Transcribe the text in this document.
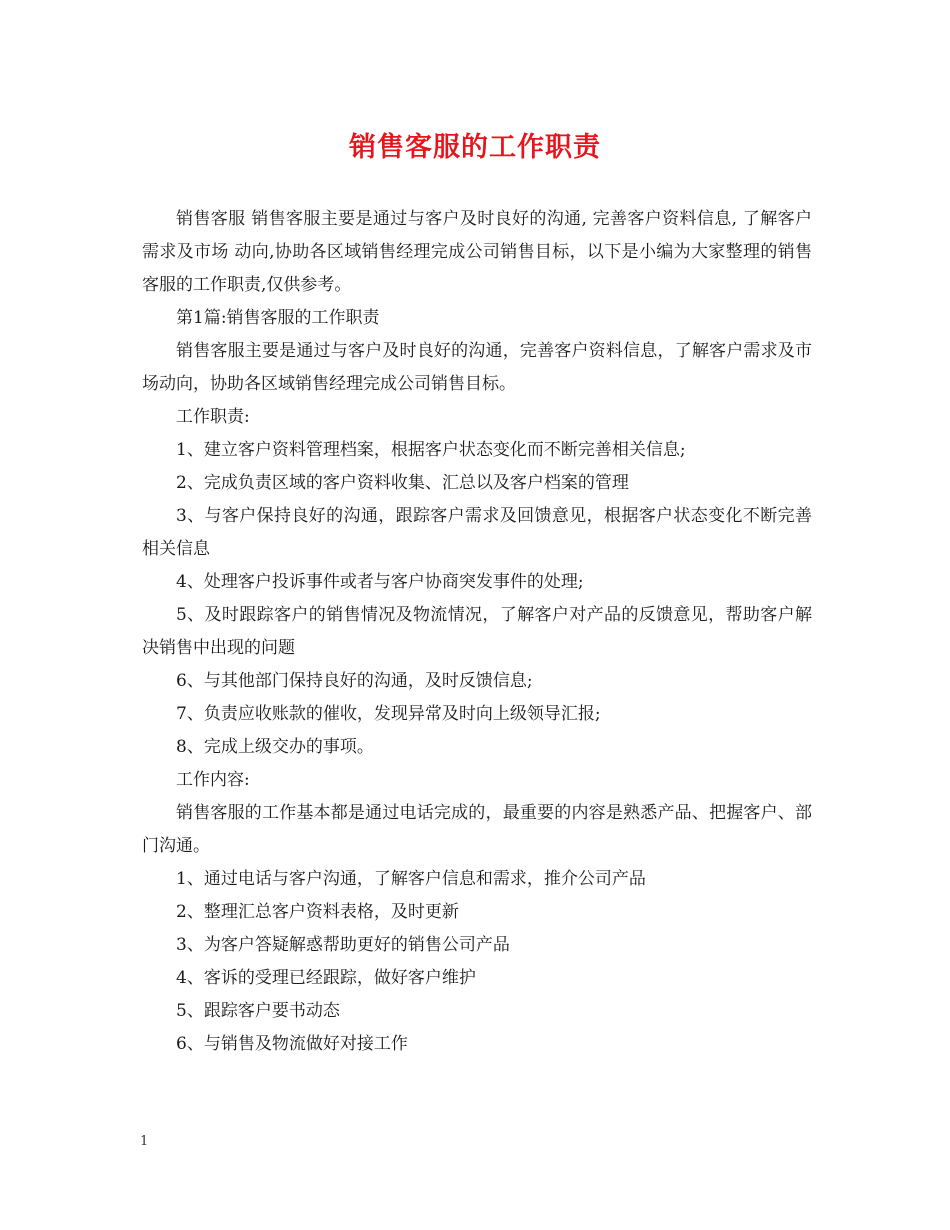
销售客服的工作职责

销售客服 销售客服主要是通过与客户及时良好的沟通, 完善客户资料信息, 了解客户需求及市场 动向,协助各区域销售经理完成公司销售目标，以下是小编为大家整理的销售客服的工作职责,仅供参考。

第1篇:销售客服的工作职责

销售客服主要是通过与客户及时良好的沟通，完善客户资料信息，了解客户需求及市场动向，协助各区域销售经理完成公司销售目标。

工作职责:

1、建立客户资料管理档案，根据客户状态变化而不断完善相关信息;

2、完成负责区域的客户资料收集、汇总以及客户档案的管理

3、与客户保持良好的沟通，跟踪客户需求及回馈意见，根据客户状态变化不断完善相关信息

4、处理客户投诉事件或者与客户协商突发事件的处理;

5、及时跟踪客户的销售情况及物流情况，了解客户对产品的反馈意见，帮助客户解决销售中出现的问题

6、与其他部门保持良好的沟通，及时反馈信息;

7、负责应收账款的催收，发现异常及时向上级领导汇报;

8、完成上级交办的事项。

工作内容:

销售客服的工作基本都是通过电话完成的，最重要的内容是熟悉产品、把握客户、部门沟通。

1、通过电话与客户沟通，了解客户信息和需求，推介公司产品

2、整理汇总客户资料表格，及时更新

3、为客户答疑解惑帮助更好的销售公司产品

4、客诉的受理已经跟踪，做好客户维护

5、跟踪客户要书动态

6、与销售及物流做好对接工作

1
